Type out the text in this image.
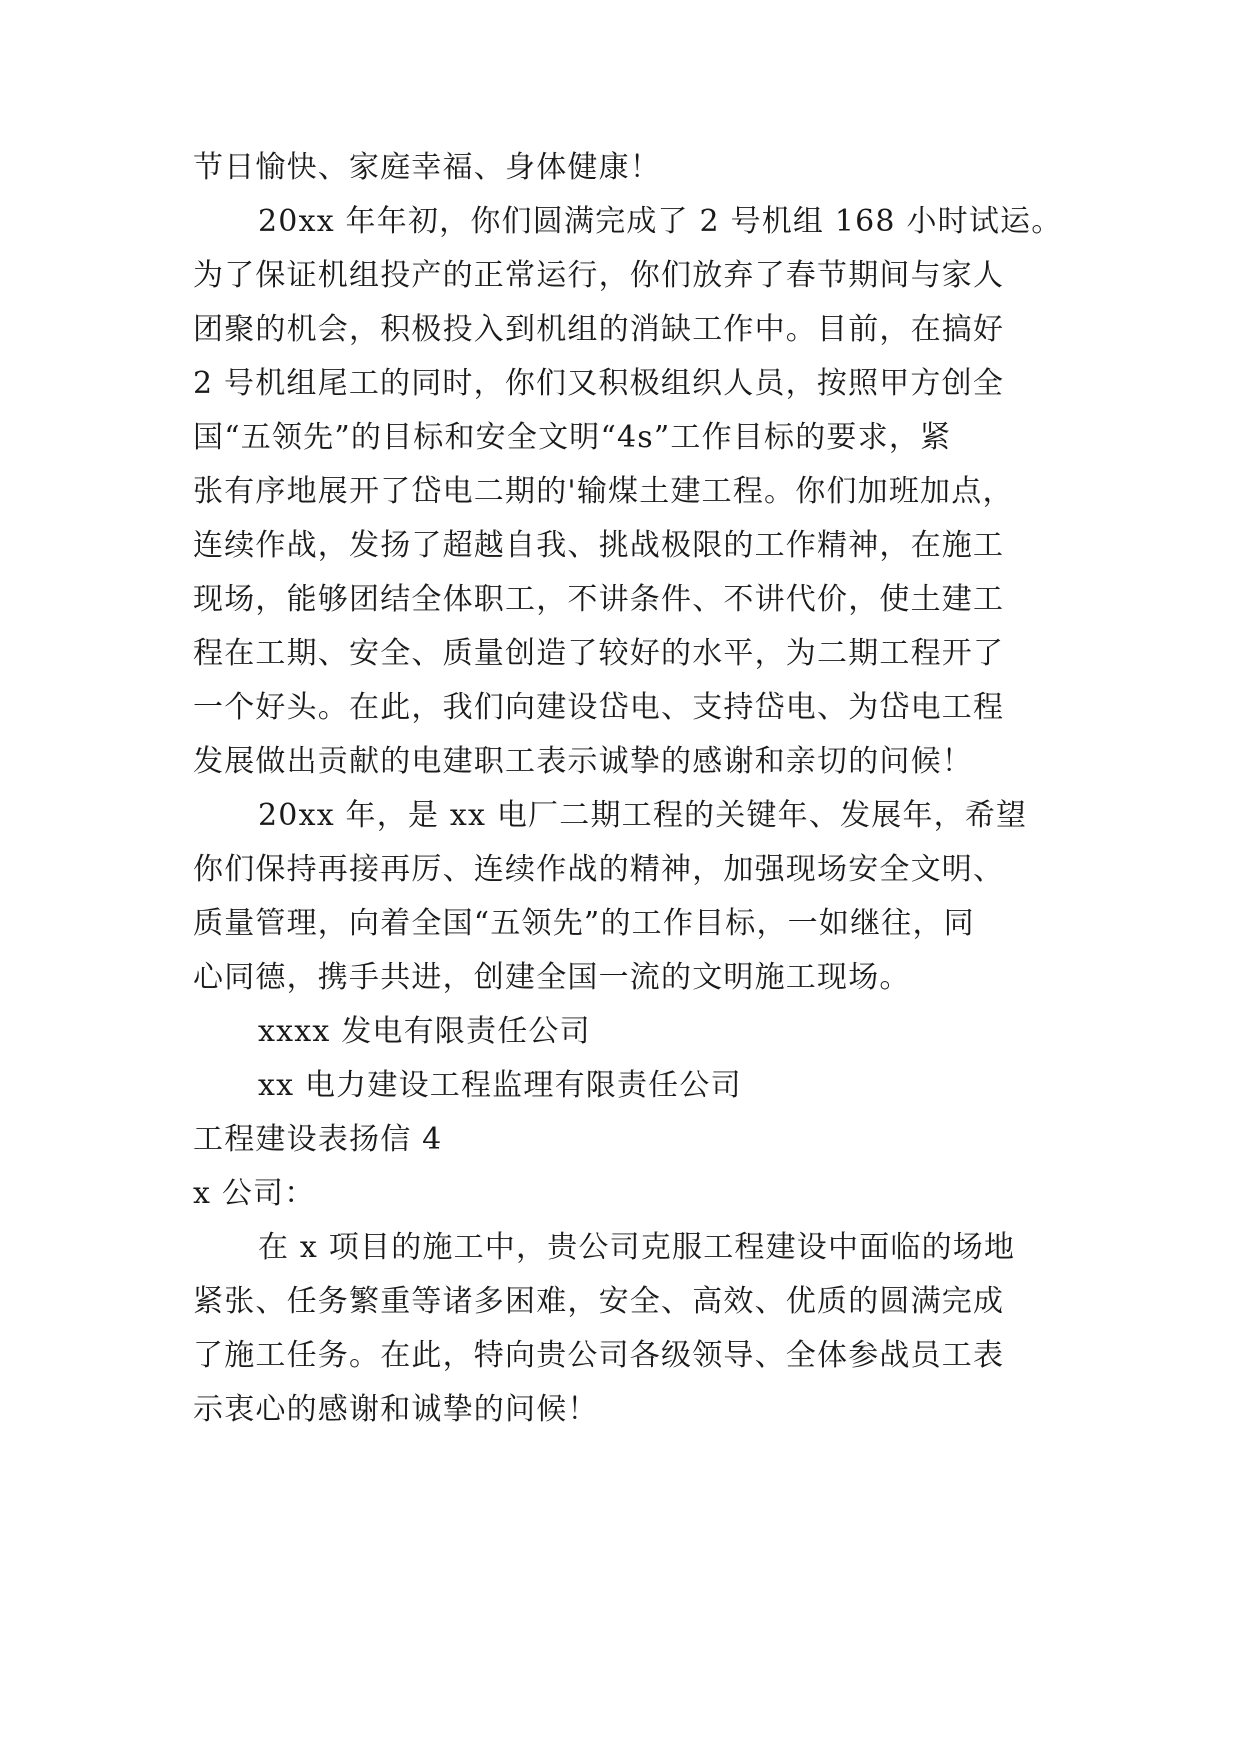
节日愉快、家庭幸福、身体健康！
20xx 年年初，你们圆满完成了 2 号机组 168 小时试运。
为了保证机组投产的正常运行，你们放弃了春节期间与家人
团聚的机会，积极投入到机组的消缺工作中。目前，在搞好
2 号机组尾工的同时，你们又积极组织人员，按照甲方创全
国“五领先”的目标和安全文明“4s”工作目标的要求，紧
张有序地展开了岱电二期的'输煤土建工程。你们加班加点，
连续作战，发扬了超越自我、挑战极限的工作精神，在施工
现场，能够团结全体职工，不讲条件、不讲代价，使土建工
程在工期、安全、质量创造了较好的水平，为二期工程开了
一个好头。在此，我们向建设岱电、支持岱电、为岱电工程
发展做出贡献的电建职工表示诚挚的感谢和亲切的问候！
20xx 年，是 xx 电厂二期工程的关键年、发展年，希望
你们保持再接再厉、连续作战的精神，加强现场安全文明、
质量管理，向着全国“五领先”的工作目标，一如继往，同
心同德，携手共进，创建全国一流的文明施工现场。
xxxx 发电有限责任公司
xx 电力建设工程监理有限责任公司
工程建设表扬信 4
x 公司：
在 x 项目的施工中，贵公司克服工程建设中面临的场地
紧张、任务繁重等诸多困难，安全、高效、优质的圆满完成
了施工任务。在此，特向贵公司各级领导、全体参战员工表
示衷心的感谢和诚挚的问候！
